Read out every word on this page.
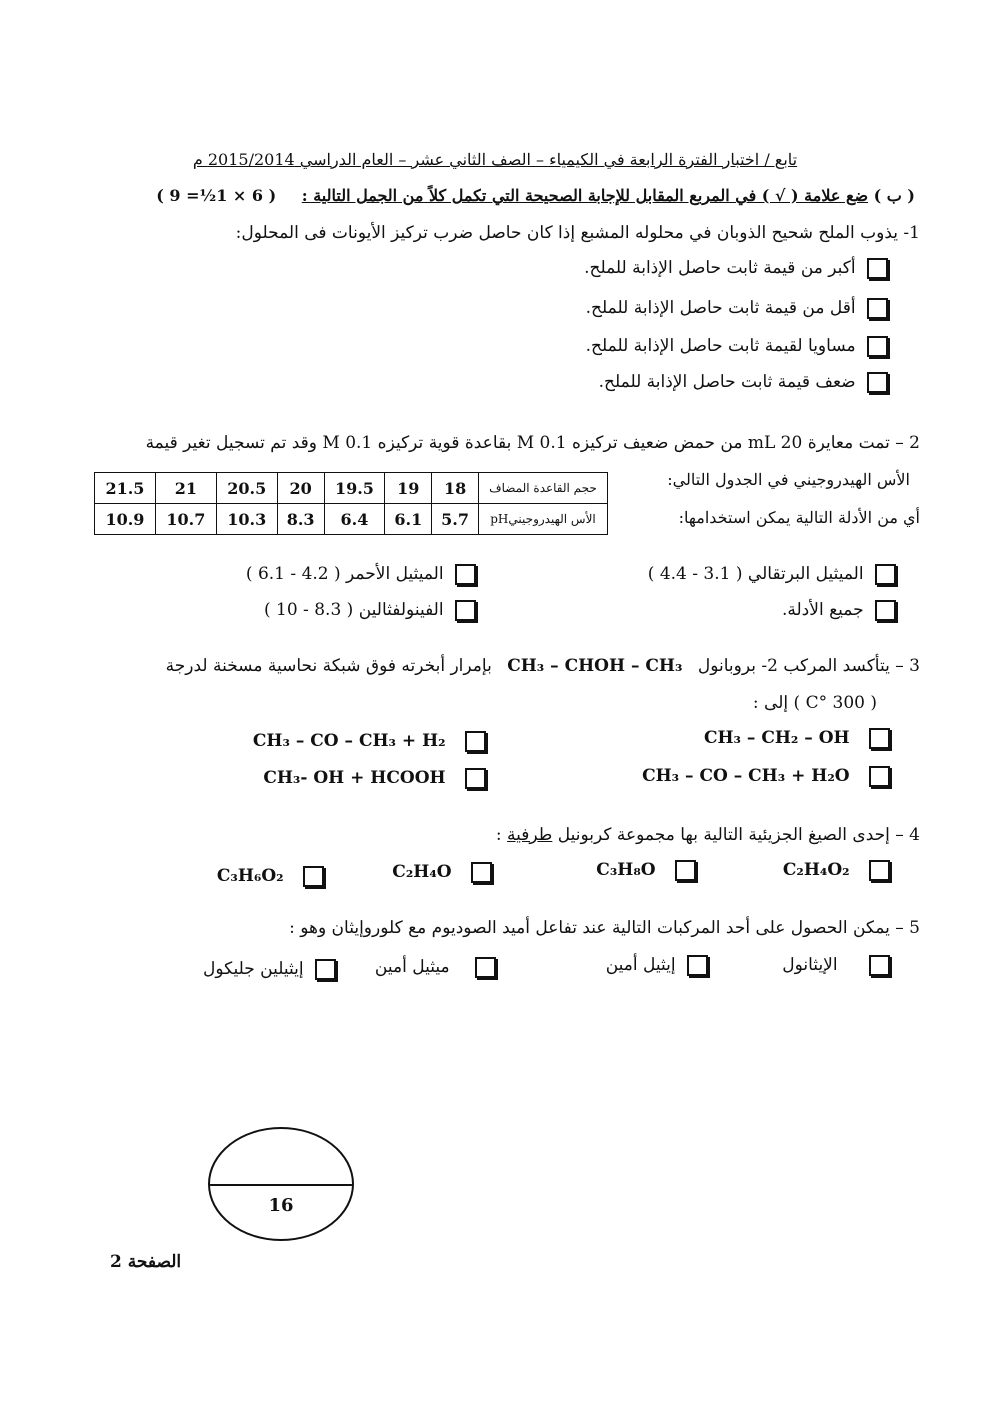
تابع / اختبار الفترة الرابعة في الكيمياء – الصف الثاني عشر – العام الدراسي 2015/2014 م
( ب ) ضع علامة ( √ ) في المربع المقابل للإجابة الصحيحة التي تكمل كلاً من الجمل التالية : ( 6 × 1½= 9 )
1- يذوب الملح شحيح الذوبان في محلوله المشبع إذا كان حاصل ضرب تركيز الأيونات فى المحلول:
أكبر من قيمة ثابت حاصل الإذابة للملح.
أقل من قيمة ثابت حاصل الإذابة للملح.
مساويا لقيمة ثابت حاصل الإذابة للملح.
ضعف قيمة ثابت حاصل الإذابة للملح.
2 – تمت معايرة 20 mL من حمض ضعيف تركيزه M 0.1 بقاعدة قوية تركيزه M 0.1 وقد تم تسجيل تغير قيمة
الأس الهيدروجيني في الجدول التالي:
أي من الأدلة التالية يمكن استخدامها:
21.5	21	20.5	20	19.5	19	18	حجم القاعدة المضاف
10.9	10.7	10.3	8.3	6.4	6.1	5.7	الأس الهيدروجينيpH
الميثيل البرتقالي ( 3.1 - 4.4 )
الميثيل الأحمر ( 4.2 - 6.1 )
جميع الأدلة.
الفينولفثالين ( 8.3 - 10 )
3 – يتأكسد المركب 2- بروبانول CH₃ – CHOH – CH₃ بإمرار أبخرته فوق شبكة نحاسية مسخنة لدرجة
( 300 °C ) إلى :
CH₃ – CH₂ – OH
CH₃ – CO – CH₃ + H₂
CH₃ – CO – CH₃ + H₂O
CH₃- OH + HCOOH
4 – إحدى الصيغ الجزيئية التالية بها مجموعة كربونيل طرفية :
C₂H₄O₂
C₃H₈O
C₂H₄O
C₃H₆O₂
5 – يمكن الحصول على أحد المركبات التالية عند تفاعل أميد الصوديوم مع كلوروإيثان وهو :
الإيثانول
إيثيل أمين
ميثيل أمين
إيثيلين جليكول
16
الصفحة 2
